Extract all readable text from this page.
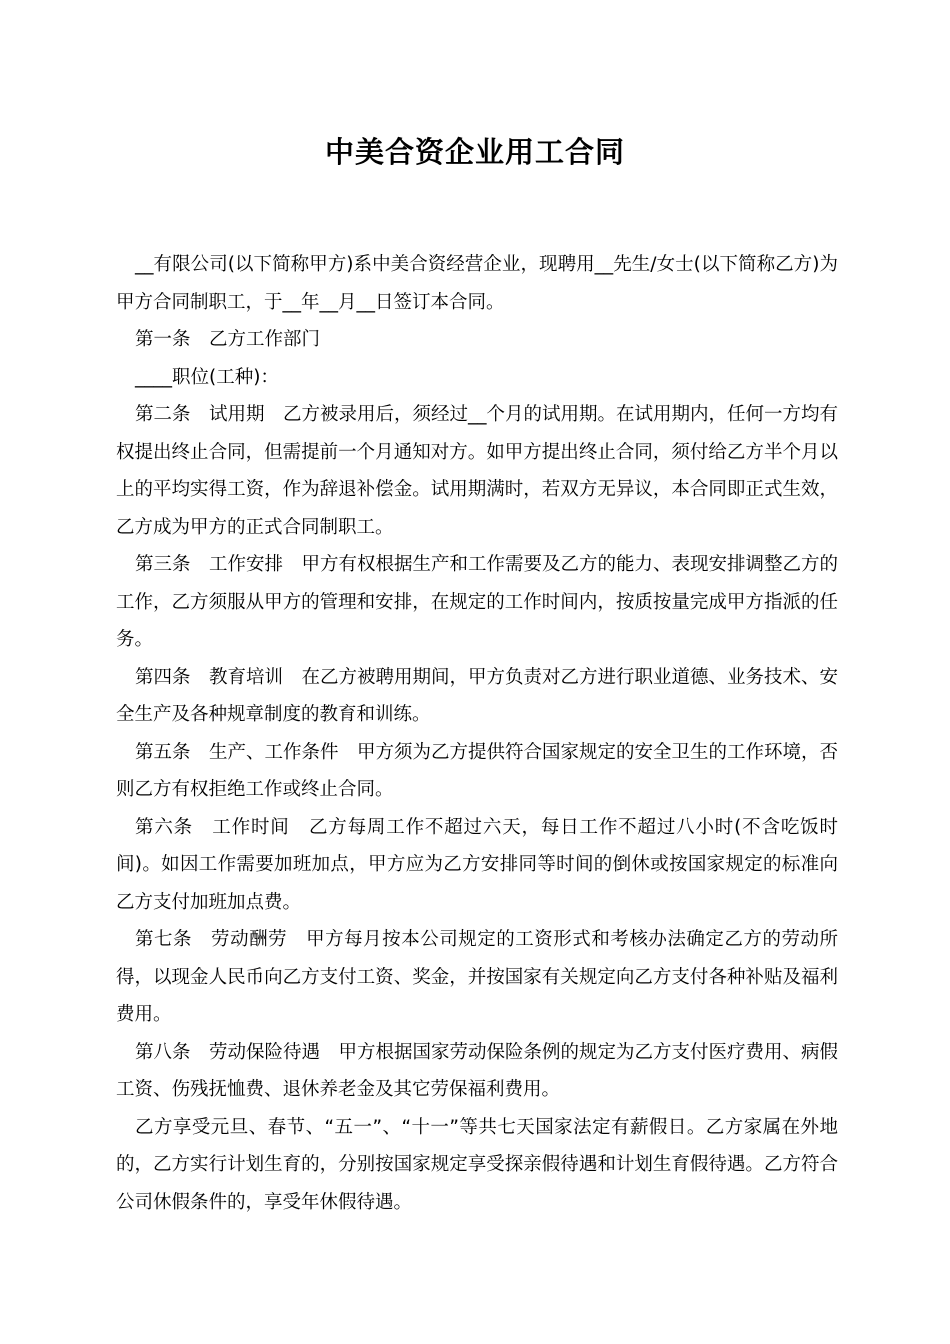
中美合资企业用工合同

__有限公司(以下简称甲方)系中美合资经营企业，现聘用__先生/女士(以下简称乙方)为甲方合同制职工，于__年__月__日签订本合同。

第一条　乙方工作部门

____职位(工种)：

第二条　试用期　乙方被录用后，须经过__个月的试用期。在试用期内，任何一方均有权提出终止合同，但需提前一个月通知对方。如甲方提出终止合同，须付给乙方半个月以上的平均实得工资，作为辞退补偿金。试用期满时，若双方无异议，本合同即正式生效，乙方成为甲方的正式合同制职工。

第三条　工作安排　甲方有权根据生产和工作需要及乙方的能力、表现安排调整乙方的工作，乙方须服从甲方的管理和安排，在规定的工作时间内，按质按量完成甲方指派的任务。

第四条　教育培训　在乙方被聘用期间，甲方负责对乙方进行职业道德、业务技术、安全生产及各种规章制度的教育和训练。

第五条　生产、工作条件　甲方须为乙方提供符合国家规定的安全卫生的工作环境，否则乙方有权拒绝工作或终止合同。

第六条　工作时间　乙方每周工作不超过六天，每日工作不超过八小时(不含吃饭时间)。如因工作需要加班加点，甲方应为乙方安排同等时间的倒休或按国家规定的标准向乙方支付加班加点费。

第七条　劳动酬劳　甲方每月按本公司规定的工资形式和考核办法确定乙方的劳动所得，以现金人民币向乙方支付工资、奖金，并按国家有关规定向乙方支付各种补贴及福利费用。

第八条　劳动保险待遇　甲方根据国家劳动保险条例的规定为乙方支付医疗费用、病假工资、伤残抚恤费、退休养老金及其它劳保福利费用。

乙方享受元旦、春节、“五一”、“十一”等共七天国家法定有薪假日。乙方家属在外地的，乙方实行计划生育的，分别按国家规定享受探亲假待遇和计划生育假待遇。乙方符合公司休假条件的，享受年休假待遇。
